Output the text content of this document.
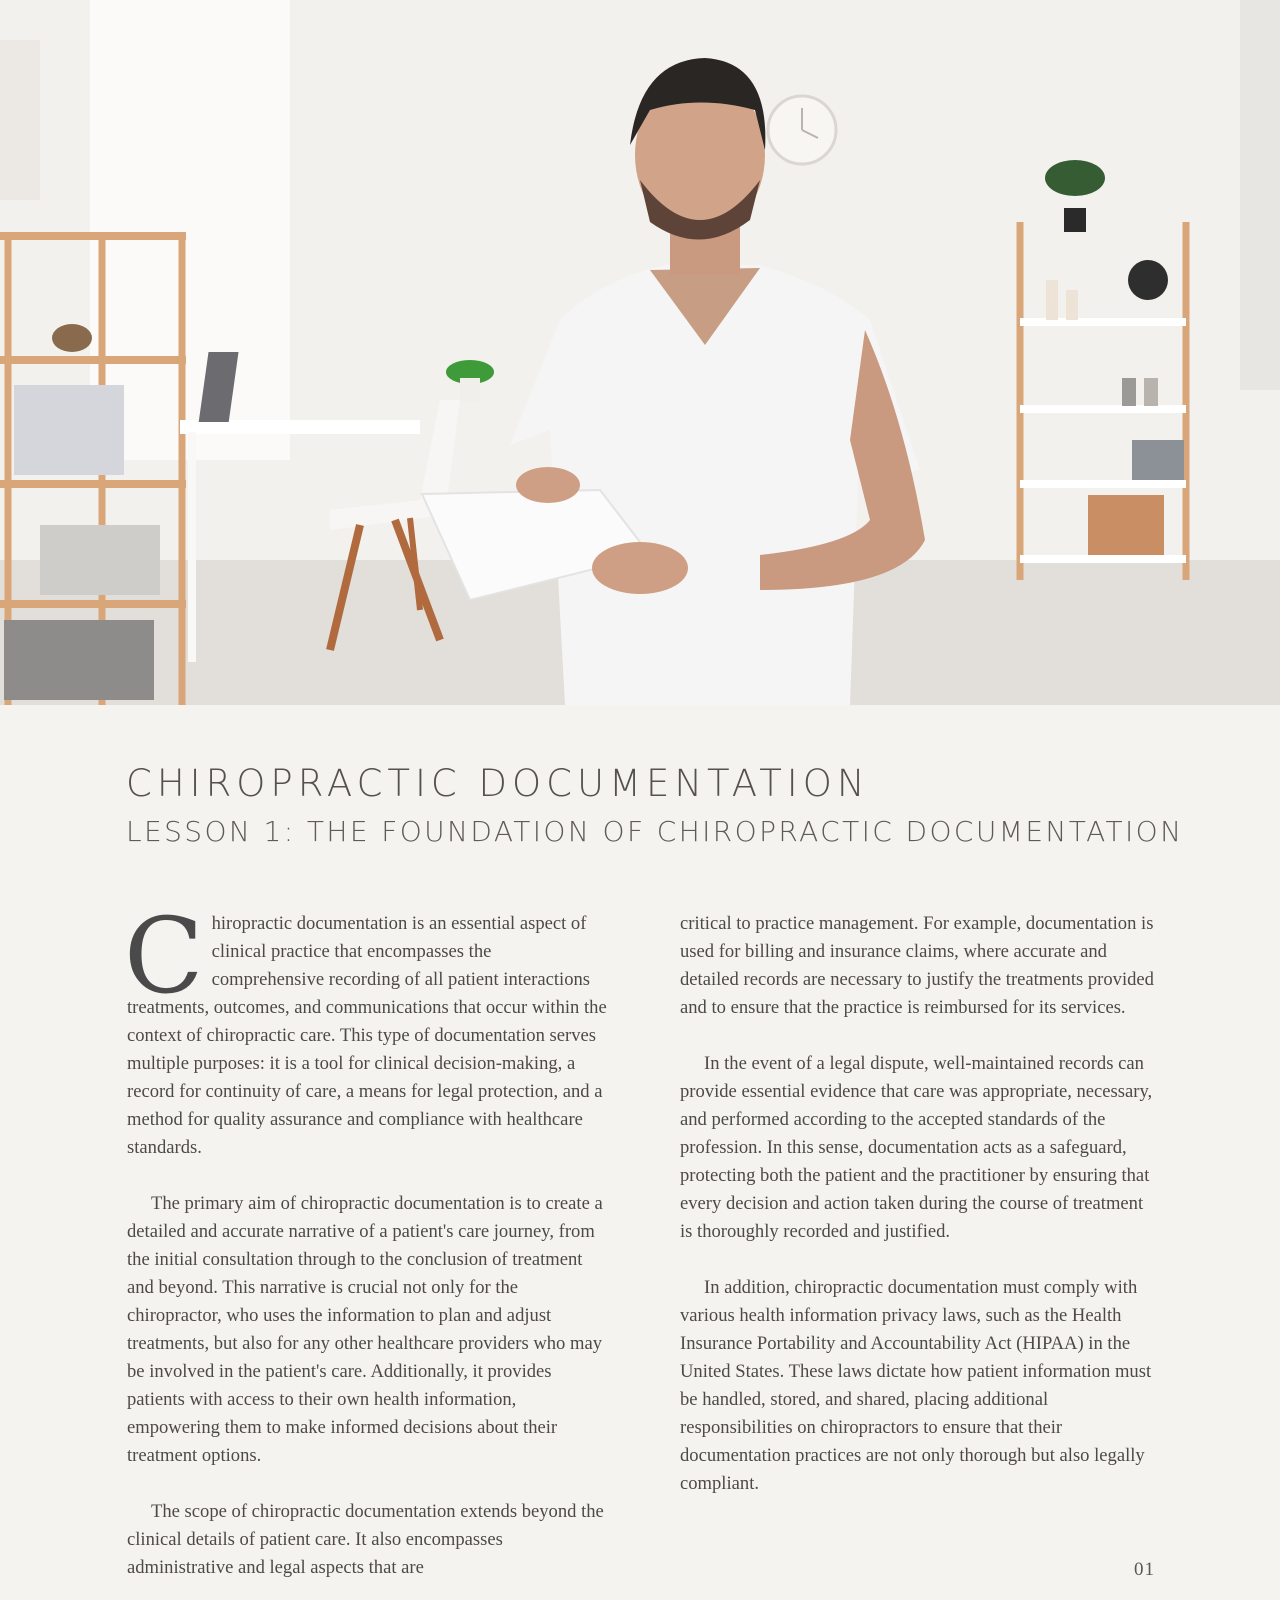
CHIROPRACTIC DOCUMENTATION
LESSON 1: THE FOUNDATION OF CHIROPRACTIC DOCUMENTATION

Chiropractic documentation is an essential aspect of clinical practice that encompasses the comprehensive recording of all patient interactions treatments, outcomes, and communications that occur within the context of chiropractic care. This type of documentation serves multiple purposes: it is a tool for clinical decision-making, a record for continuity of care, a means for legal protection, and a method for quality assurance and compliance with healthcare standards.

The primary aim of chiropractic documentation is to create a detailed and accurate narrative of a patient's care journey, from the initial consultation through to the conclusion of treatment and beyond. This narrative is crucial not only for the chiropractor, who uses the information to plan and adjust treatments, but also for any other healthcare providers who may be involved in the patient's care. Additionally, it provides patients with access to their own health information, empowering them to make informed decisions about their treatment options.

The scope of chiropractic documentation extends beyond the clinical details of patient care. It also encompasses administrative and legal aspects that are

critical to practice management. For example, documentation is used for billing and insurance claims, where accurate and detailed records are necessary to justify the treatments provided and to ensure that the practice is reimbursed for its services.

In the event of a legal dispute, well-maintained records can provide essential evidence that care was appropriate, necessary, and performed according to the accepted standards of the profession. In this sense, documentation acts as a safeguard, protecting both the patient and the practitioner by ensuring that every decision and action taken during the course of treatment is thoroughly recorded and justified.

In addition, chiropractic documentation must comply with various health information privacy laws, such as the Health Insurance Portability and Accountability Act (HIPAA) in the United States. These laws dictate how patient information must be handled, stored, and shared, placing additional responsibilities on chiropractors to ensure that their documentation practices are not only thorough but also legally compliant.

01
